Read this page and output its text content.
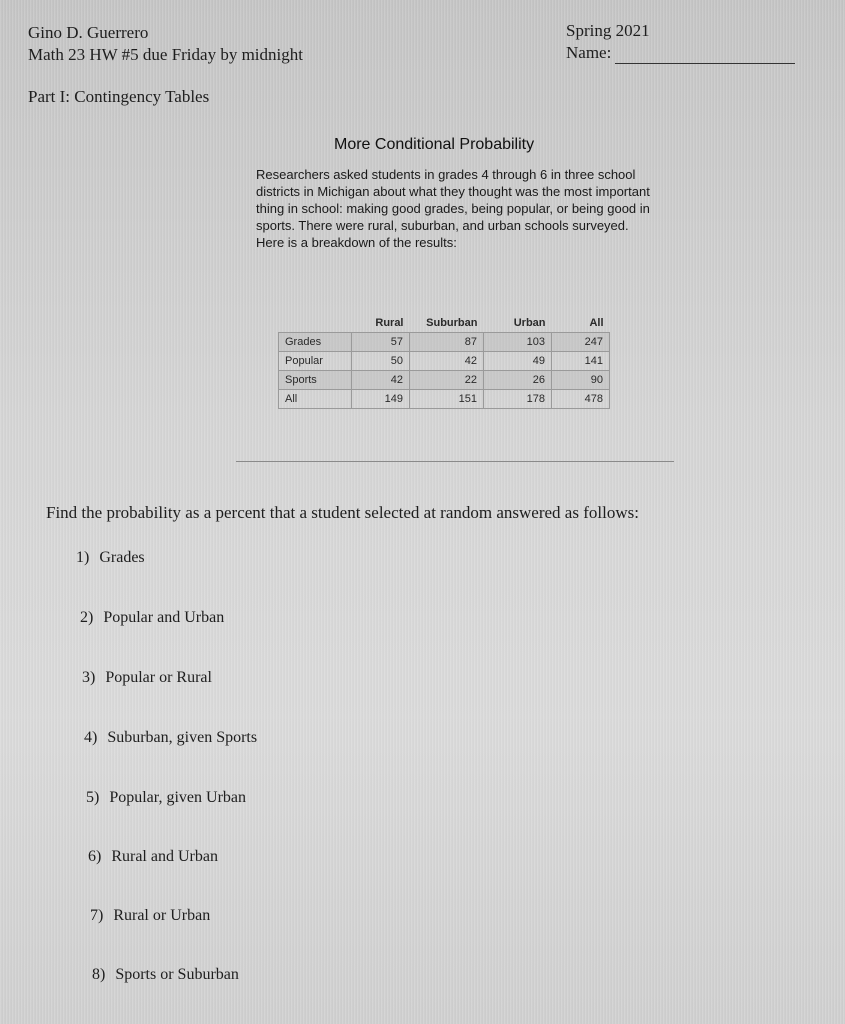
Gino D. Guerrero
Math 23 HW #5 due Friday by midnight
Spring 2021
Name:
Part I: Contingency Tables
More Conditional Probability
Researchers asked students in grades 4 through 6 in three school districts in Michigan about what they thought was the most important thing in school: making good grades, being popular, or being good in sports. There were rural, suburban, and urban schools surveyed. Here is a breakdown of the results:
	Rural	Suburban	Urban	All
Grades	57	87	103	247
Popular	50	42	49	141
Sports	42	22	26	90
All	149	151	178	478
Find the probability as a percent that a student selected at random answered as follows:
1) Grades
2) Popular and Urban
3) Popular or Rural
4) Suburban, given Sports
5) Popular, given Urban
6) Rural and Urban
7) Rural or Urban
8) Sports or Suburban
